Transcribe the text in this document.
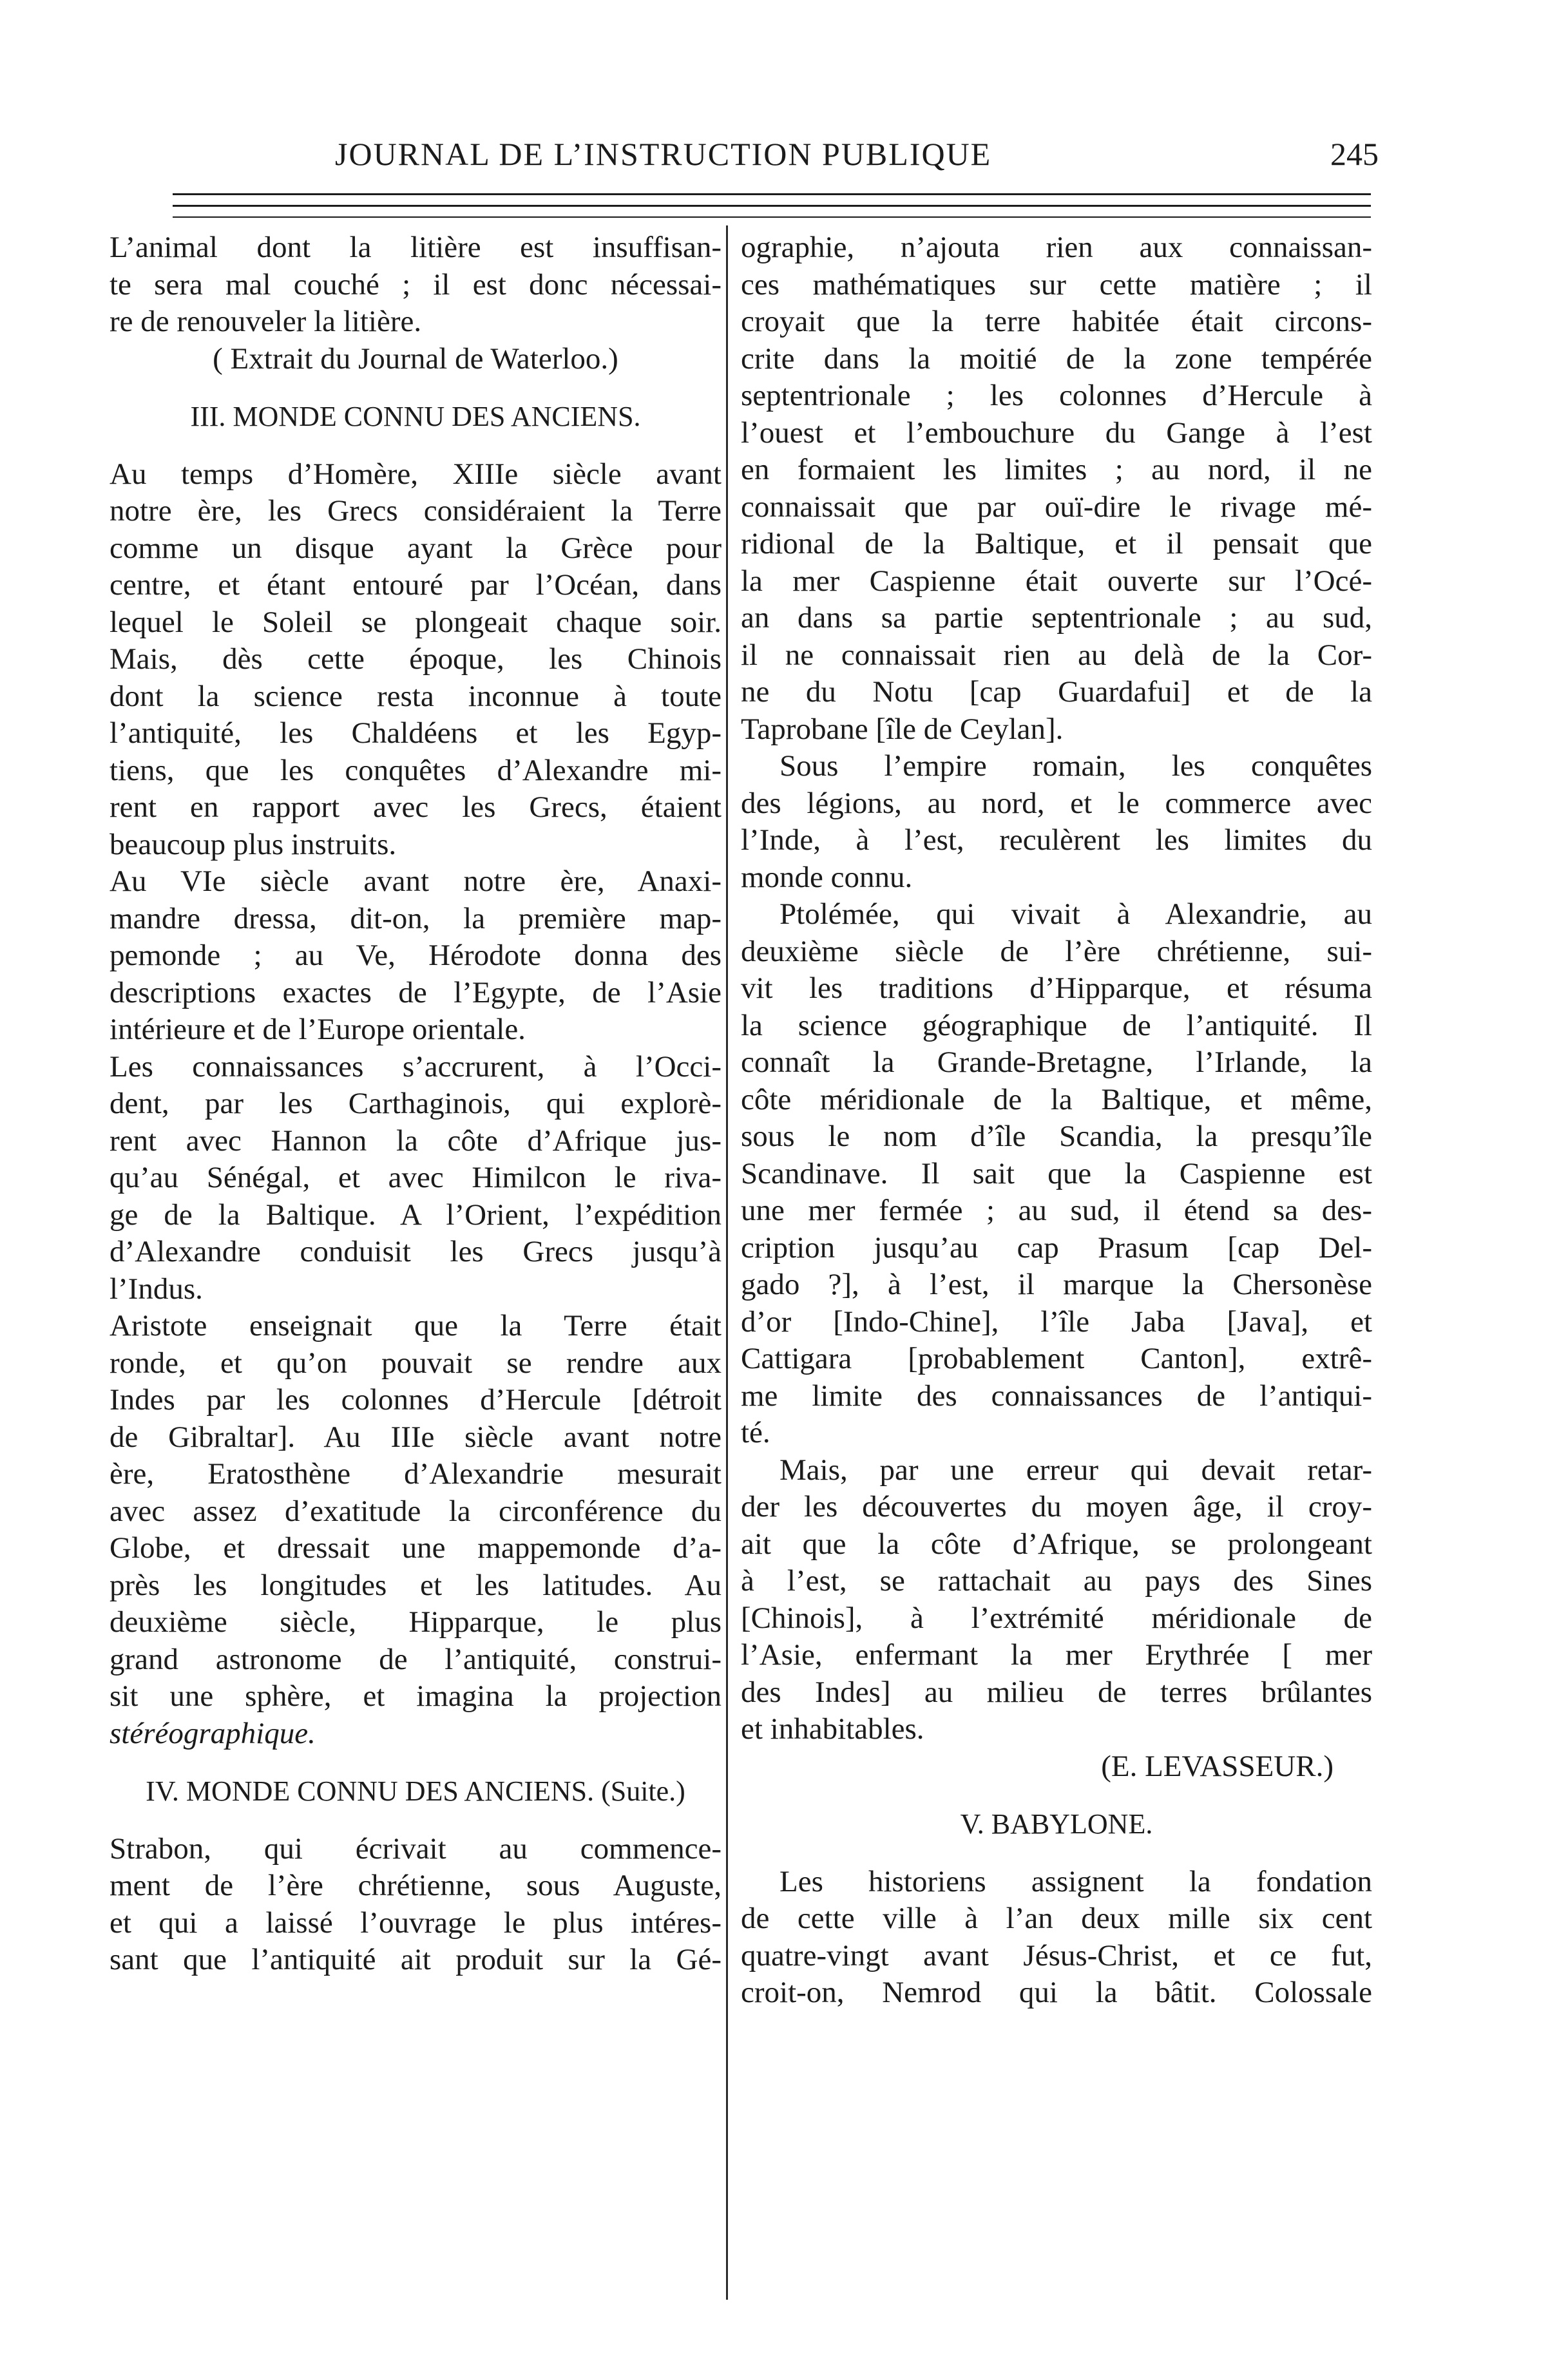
JOURNAL DE L’INSTRUCTION PUBLIQUE	245
L’animal dont la litière est insuffisan-
te sera mal couché ; il est donc nécessai-
re de renouveler la litière.
( Extrait du Journal de Waterloo.)
III. MONDE CONNU DES ANCIENS.
Au temps d’Homère, XIIIe siècle avant
notre ère, les Grecs considéraient la Terre
comme un disque ayant la Grèce pour
centre, et étant entouré par l’Océan, dans
lequel le Soleil se plongeait chaque soir.
Mais, dès cette époque, les Chinois
dont la science resta inconnue à toute
l’antiquité, les Chaldéens et les Egyp-
tiens, que les conquêtes d’Alexandre mi-
rent en rapport avec les Grecs, étaient
beaucoup plus instruits.
Au VIe siècle avant notre ère, Anaxi-
mandre dressa, dit-on, la première map-
pemonde ; au Ve, Hérodote donna des
descriptions exactes de l’Egypte, de l’Asie
intérieure et de l’Europe orientale.
Les connaissances s’accrurent, à l’Occi-
dent, par les Carthaginois, qui explorè-
rent avec Hannon la côte d’Afrique jus-
qu’au Sénégal, et avec Himilcon le riva-
ge de la Baltique. A l’Orient, l’expédition
d’Alexandre conduisit les Grecs jusqu’à
l’Indus.
Aristote enseignait que la Terre était
ronde, et qu’on pouvait se rendre aux
Indes par les colonnes d’Hercule [détroit
de Gibraltar]. Au IIIe siècle avant notre
ère, Eratosthène d’Alexandrie mesurait
avec assez d’exatitude la circonférence du
Globe, et dressait une mappemonde d’a-
près les longitudes et les latitudes. Au
deuxième siècle, Hipparque, le plus
grand astronome de l’antiquité, construi-
sit une sphère, et imagina la projection
stéréographique.
IV. MONDE CONNU DES ANCIENS. (Suite.)
Strabon, qui écrivait au commence-
ment de l’ère chrétienne, sous Auguste,
et qui a laissé l’ouvrage le plus intéres-
sant que l’antiquité ait produit sur la Gé-
ographie, n’ajouta rien aux connaissan-
ces mathématiques sur cette matière ; il
croyait que la terre habitée était circons-
crite dans la moitié de la zone tempérée
septentrionale ; les colonnes d’Hercule à
l’ouest et l’embouchure du Gange à l’est
en formaient les limites ; au nord, il ne
connaissait que par ouï-dire le rivage mé-
ridional de la Baltique, et il pensait que
la mer Caspienne était ouverte sur l’Océ-
an dans sa partie septentrionale ; au sud,
il ne connaissait rien au delà de la Cor-
ne du Notu [cap Guardafui] et de la
Taprobane [île de Ceylan].
Sous l’empire romain, les conquêtes
des légions, au nord, et le commerce avec
l’Inde, à l’est, reculèrent les limites du
monde connu.
Ptolémée, qui vivait à Alexandrie, au
deuxième siècle de l’ère chrétienne, sui-
vit les traditions d’Hipparque, et résuma
la science géographique de l’antiquité. Il
connaît la Grande-Bretagne, l’Irlande, la
côte méridionale de la Baltique, et même,
sous le nom d’île Scandia, la presqu’île
Scandinave. Il sait que la Caspienne est
une mer fermée ; au sud, il étend sa des-
cription jusqu’au cap Prasum [cap Del-
gado ?], à l’est, il marque la Chersonèse
d’or [Indo-Chine], l’île Jaba [Java], et
Cattigara [probablement Canton], extrê-
me limite des connaissances de l’antiqui-
té.
Mais, par une erreur qui devait retar-
der les découvertes du moyen âge, il croy-
ait que la côte d’Afrique, se prolongeant
à l’est, se rattachait au pays des Sines
[Chinois], à l’extrémité méridionale de
l’Asie, enfermant la mer Erythrée [ mer
des Indes] au milieu de terres brûlantes
et inhabitables.
(E. LEVASSEUR.)
V. BABYLONE.
Les historiens assignent la fondation
de cette ville à l’an deux mille six cent
quatre-vingt avant Jésus-Christ, et ce fut,
croit-on, Nemrod qui la bâtit. Colossale
